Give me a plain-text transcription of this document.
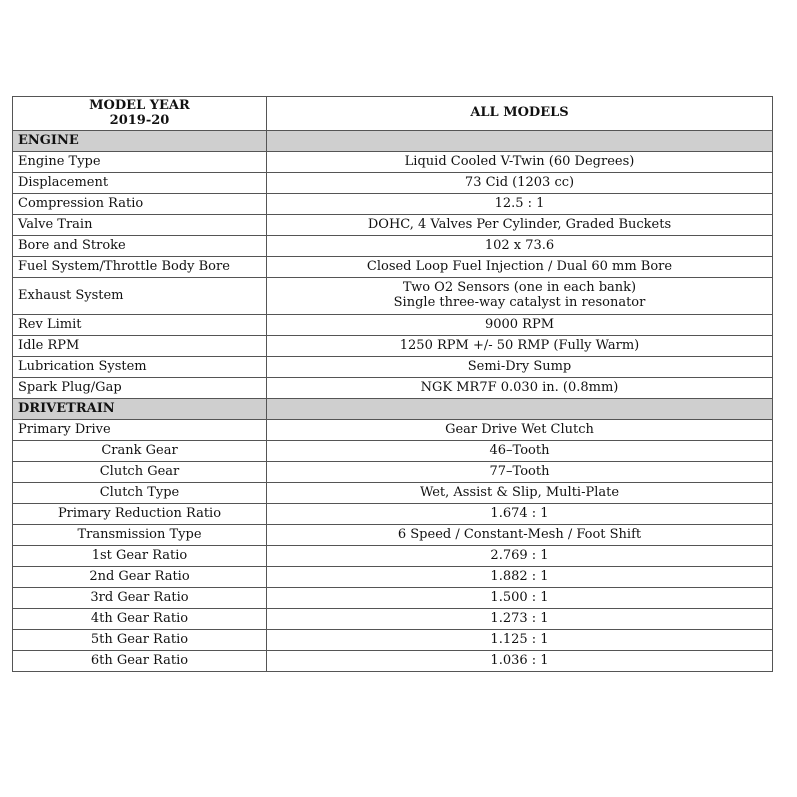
MODEL YEAR
2019-20	ALL MODELS
ENGINE	
Engine Type	Liquid Cooled V-Twin (60 Degrees)
Displacement	73 Cid (1203 cc)
Compression Ratio	12.5 : 1
Valve Train	DOHC, 4 Valves Per Cylinder, Graded Buckets
Bore and Stroke	102 x 73.6
Fuel System/Throttle Body Bore	Closed Loop Fuel Injection / Dual 60 mm Bore
Exhaust System	Two O2 Sensors (one in each bank)
Single three-way catalyst in resonator

Rev Limit	9000 RPM
Idle RPM	1250 RPM +/- 50 RMP (Fully Warm)
Lubrication System	Semi-Dry Sump
Spark Plug/Gap	NGK MR7F 0.030 in. (0.8mm)
DRIVETRAIN	
Primary Drive	Gear Drive Wet Clutch
Crank Gear	46–Tooth
Clutch Gear	77–Tooth
Clutch Type	Wet, Assist & Slip, Multi-Plate
Primary Reduction Ratio	1.674 : 1
Transmission Type	6 Speed / Constant-Mesh / Foot Shift
1st Gear Ratio	2.769 : 1
2nd Gear Ratio	1.882 : 1
3rd Gear Ratio	1.500 : 1
4th Gear Ratio	1.273 : 1
5th Gear Ratio	1.125 : 1
6th Gear Ratio	1.036 : 1
